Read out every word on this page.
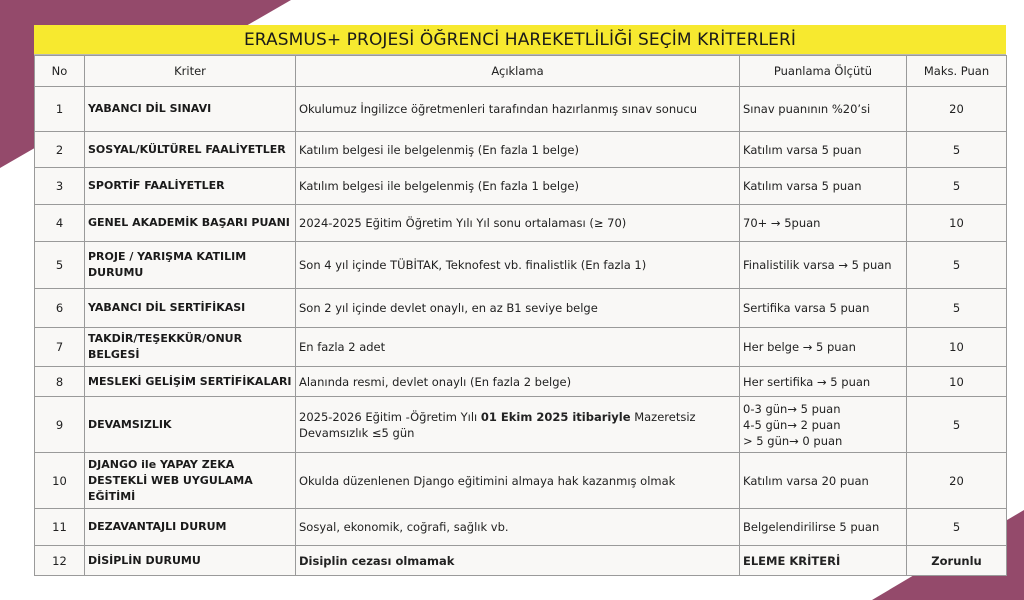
ERASMUS+ PROJESİ ÖĞRENCİ HAREKETLİLİĞİ SEÇİM KRİTERLERİ
No	Kriter	Açıklama	Puanlama Ölçütü	Maks. Puan
1	YABANCI DİL SINAVI	Okulumuz İngilizce öğretmenleri tarafından hazırlanmış sınav sonucu	Sınav puanının %20’si	20
2	SOSYAL/KÜLTÜREL FAALİYETLER	Katılım belgesi ile belgelenmiş (En fazla 1 belge)	Katılım varsa 5 puan	5
3	SPORTİF FAALİYETLER	Katılım belgesi ile belgelenmiş (En fazla 1 belge)	Katılım varsa 5 puan	5
4	GENEL AKADEMİK BAŞARI PUANI	2024-2025 Eğitim Öğretim Yılı Yıl sonu ortalaması (≥ 70)	70+ → 5puan	10
5	PROJE / YARIŞMA KATILIM DURUMU	Son 4 yıl içinde TÜBİTAK, Teknofest vb. finalistlik (En fazla 1)	Finalistilik varsa → 5 puan	5
6	YABANCI DİL SERTİFİKASI	Son 2 yıl içinde devlet onaylı, en az B1 seviye belge	Sertifika varsa 5 puan	5
7	TAKDİR/TEŞEKKÜR/ONUR BELGESİ	En fazla 2 adet	Her belge → 5 puan	10
8	MESLEKİ GELİŞİM SERTİFİKALARI	Alanında resmi, devlet onaylı (En fazla 2 belge)	Her sertifika → 5 puan	10
9	DEVAMSIZLIK	2025-2026 Eğitim -Öğretim Yılı 01 Ekim 2025 itibariyle Mazeretsiz Devamsızlık ≤5 gün	0-3 gün→ 5 puan
4-5 gün→ 2 puan
> 5 gün→ 0 puan	5
10	DJANGO ile YAPAY ZEKA DESTEKLİ WEB UYGULAMA EĞİTİMİ	Okulda düzenlenen Django eğitimini almaya hak kazanmış olmak	Katılım varsa 20 puan	20
11	DEZAVANTAJLI DURUM	Sosyal, ekonomik, coğrafi, sağlık vb.	Belgelendirilirse 5 puan	5
12	DİSİPLİN DURUMU	Disiplin cezası olmamak	ELEME KRİTERİ	Zorunlu
